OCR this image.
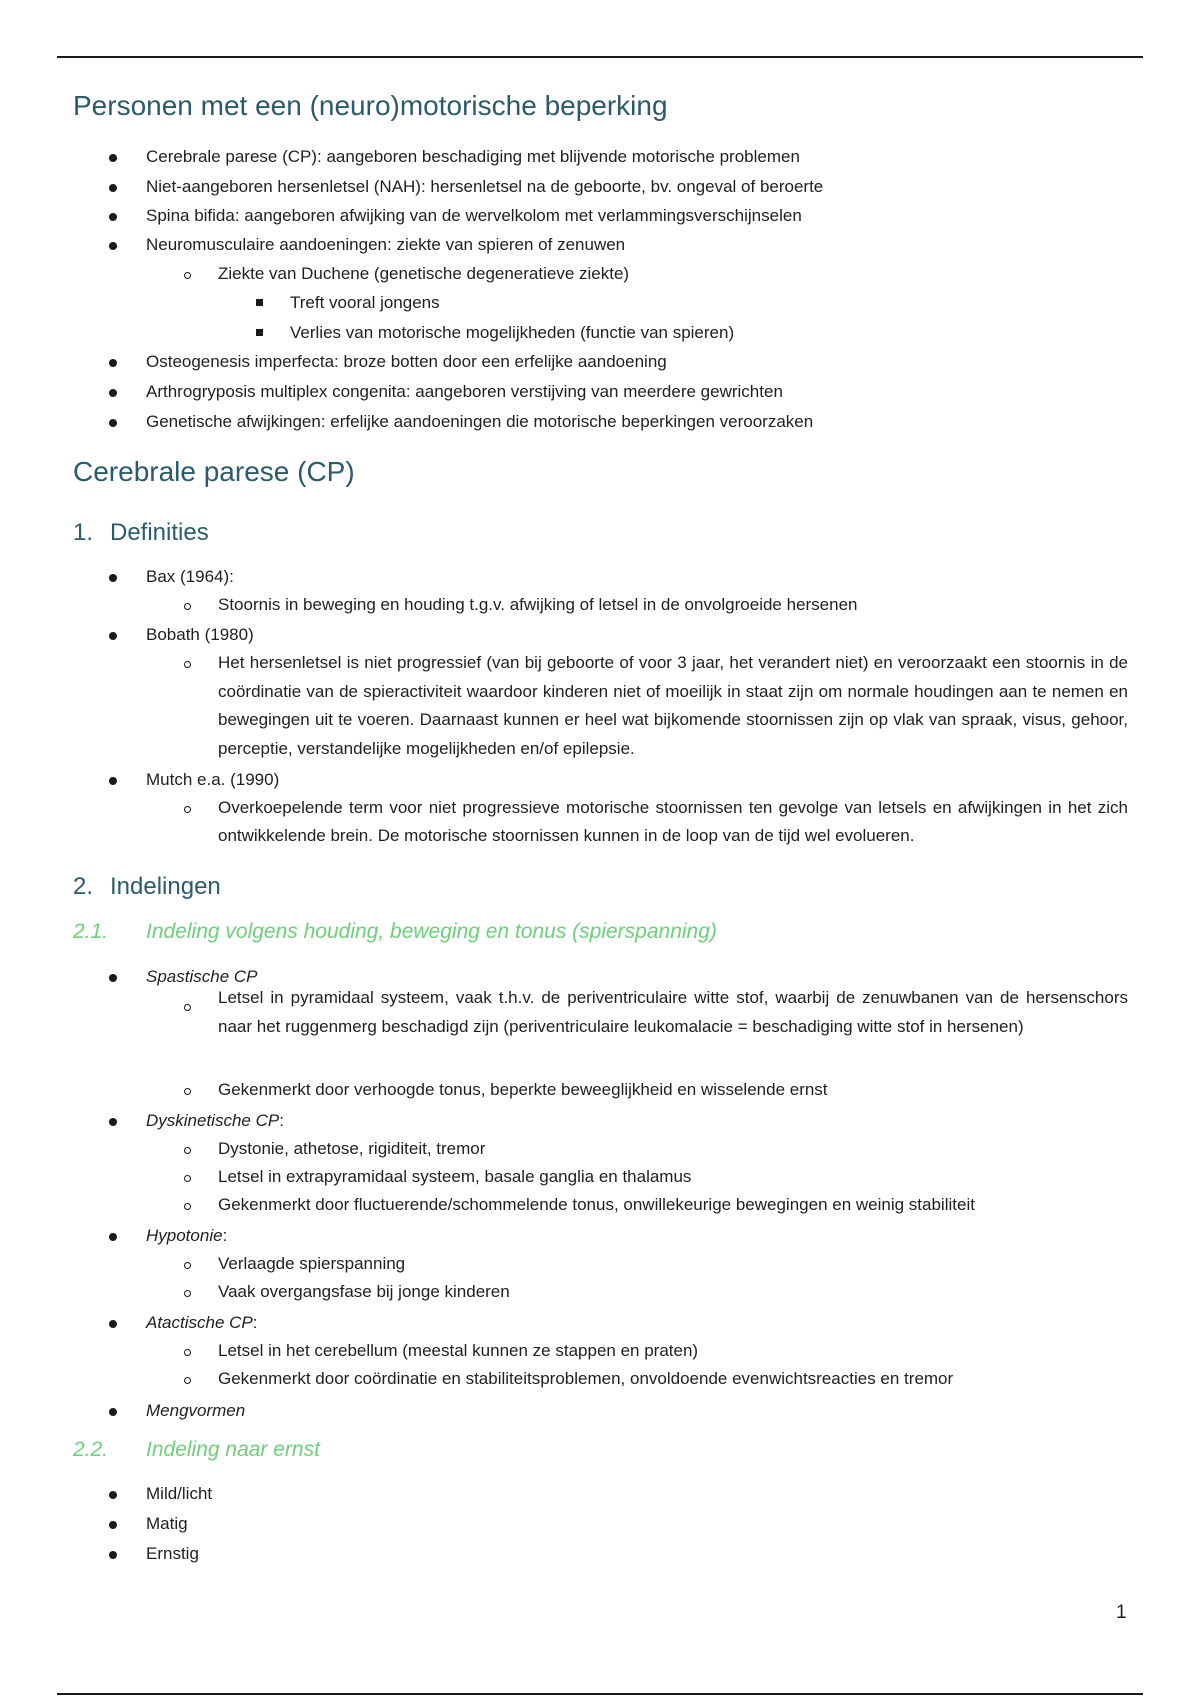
Personen met een (neuro)motorische beperking
Cerebrale parese (CP): aangeboren beschadiging met blijvende motorische problemen
Niet-aangeboren hersenletsel (NAH): hersenletsel na de geboorte, bv. ongeval of beroerte
Spina bifida: aangeboren afwijking van de wervelkolom met verlammingsverschijnselen
Neuromusculaire aandoeningen: ziekte van spieren of zenuwen
Ziekte van Duchene (genetische degeneratieve ziekte)
Treft vooral jongens
Verlies van motorische mogelijkheden (functie van spieren)
Osteogenesis imperfecta: broze botten door een erfelijke aandoening
Arthrogryposis multiplex congenita: aangeboren verstijving van meerdere gewrichten
Genetische afwijkingen: erfelijke aandoeningen die motorische beperkingen veroorzaken
Cerebrale parese (CP)
1. Definities
Bax (1964):
Stoornis in beweging en houding t.g.v. afwijking of letsel in de onvolgroeide hersenen
Bobath (1980)
Het hersenletsel is niet progressief (van bij geboorte of voor 3 jaar, het verandert niet) en veroorzaakt een stoornis in de coördinatie van de spieractiviteit waardoor kinderen niet of moeilijk in staat zijn om normale houdingen aan te nemen en bewegingen uit te voeren. Daarnaast kunnen er heel wat bijkomende stoornissen zijn op vlak van spraak, visus, gehoor, perceptie, verstandelijke mogelijkheden en/of epilepsie.
Mutch e.a. (1990)
Overkoepelende term voor niet progressieve motorische stoornissen ten gevolge van letsels en afwijkingen in het zich ontwikkelende brein. De motorische stoornissen kunnen in de loop van de tijd wel evolueren.
2. Indelingen
2.1. Indeling volgens houding, beweging en tonus (spierspanning)
Spastische CP
Letsel in pyramidaal systeem, vaak t.h.v. de periventriculaire witte stof, waarbij de zenuwbanen van de hersenschors naar het ruggenmerg beschadigd zijn (periventriculaire leukomalacie = beschadiging witte stof in hersenen)
Gekenmerkt door verhoogde tonus, beperkte beweeglijkheid en wisselende ernst
Dyskinetische CP:
Dystonie, athetose, rigiditeit, tremor
Letsel in extrapyramidaal systeem, basale ganglia en thalamus
Gekenmerkt door fluctuerende/schommelende tonus, onwillekeurige bewegingen en weinig stabiliteit
Hypotonie:
Verlaagde spierspanning
Vaak overgangsfase bij jonge kinderen
Atactische CP:
Letsel in het cerebellum (meestal kunnen ze stappen en praten)
Gekenmerkt door coördinatie en stabiliteitsproblemen, onvoldoende evenwichtsreacties en tremor
Mengvormen
2.2. Indeling naar ernst
Mild/licht
Matig
Ernstig
1
